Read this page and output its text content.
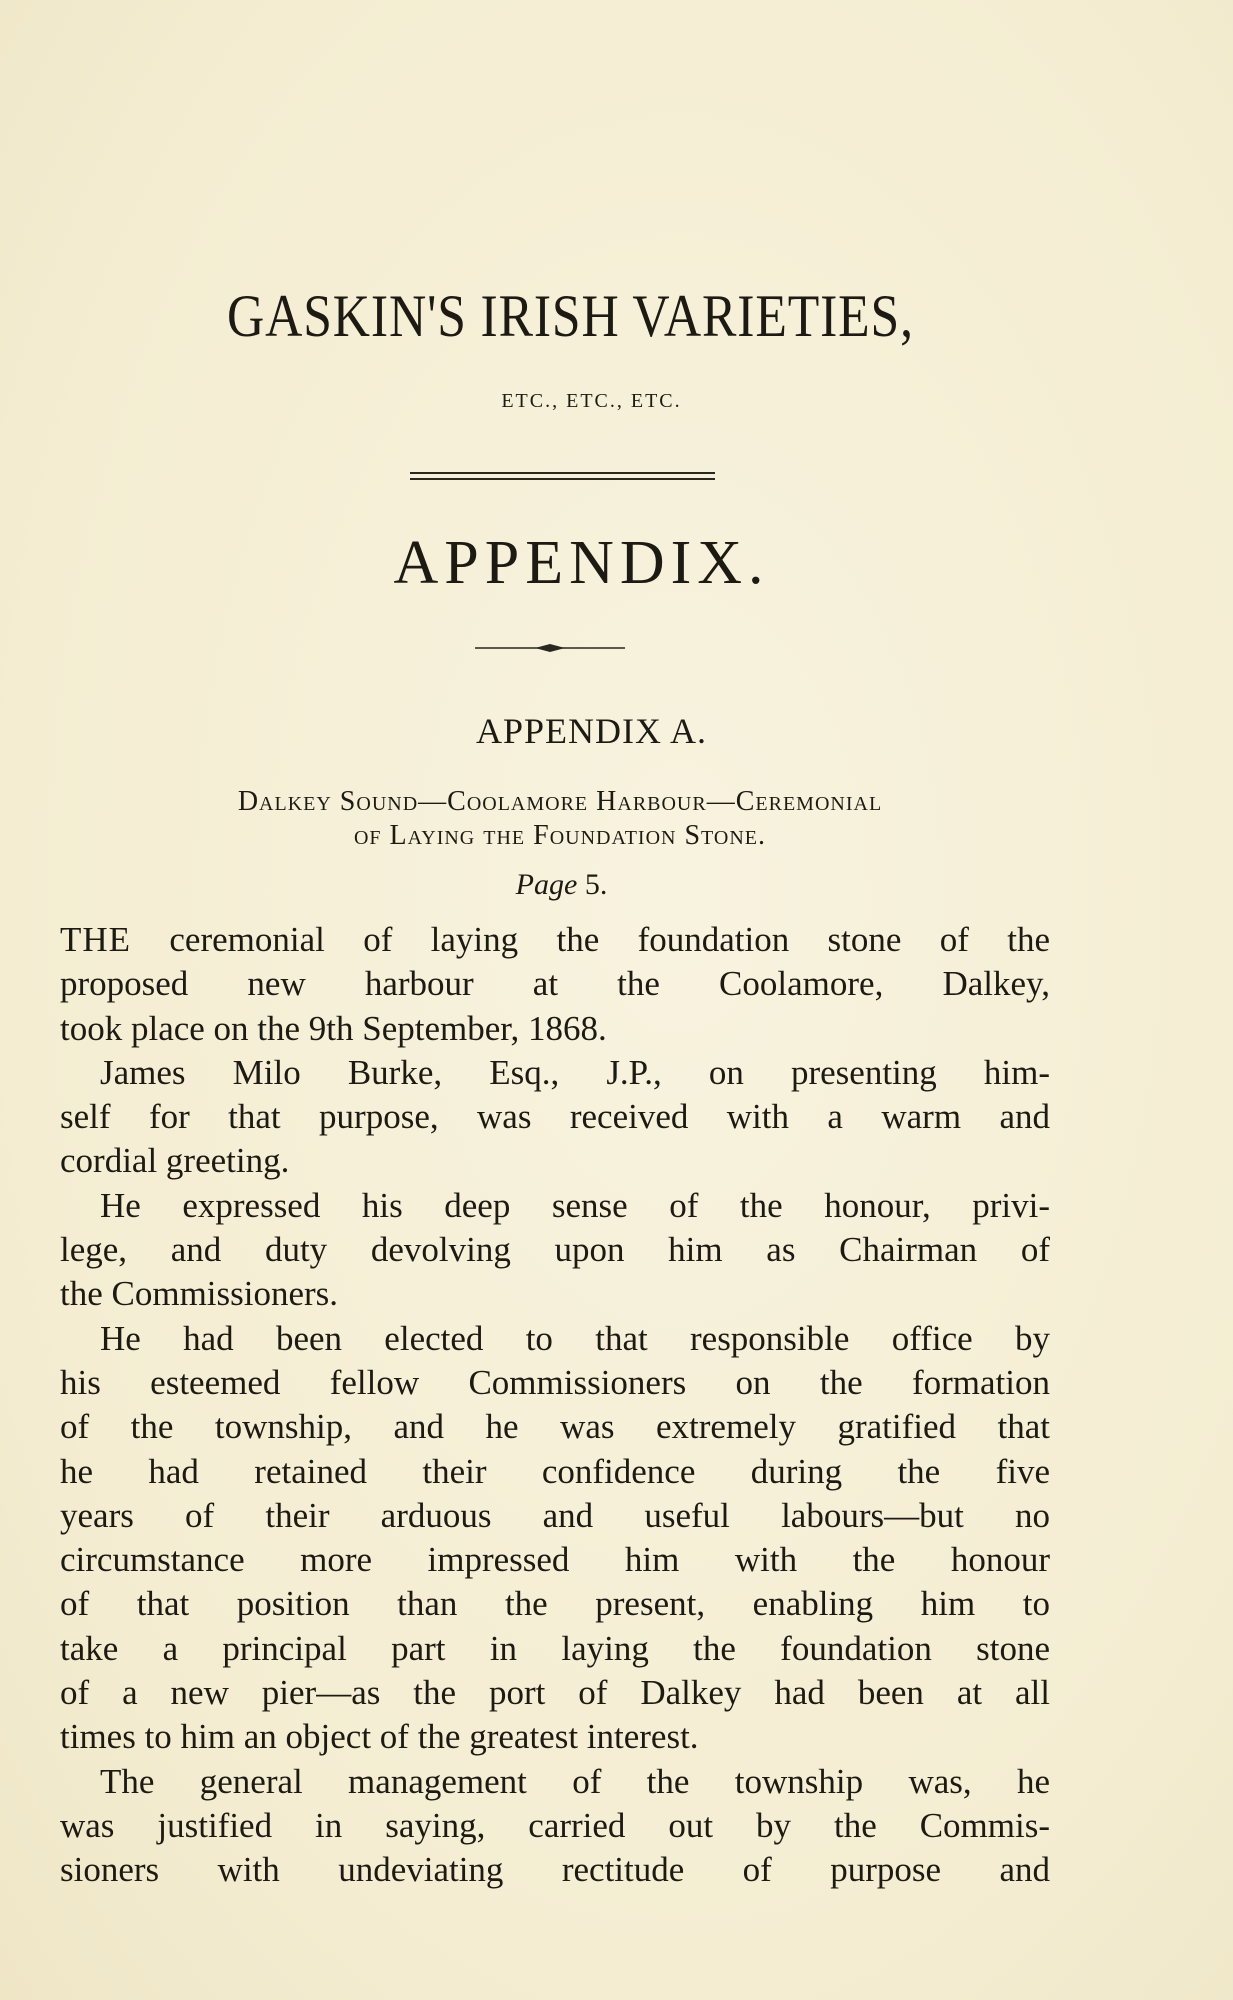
GASKIN'S IRISH VARIETIES,
ETC., ETC., ETC.
APPENDIX.
APPENDIX A.
Dalkey Sound—Coolamore Harbour—Ceremonial
of Laying the Foundation Stone.
Page 5.
THE ceremonial of laying the foundation stone of the
proposed new harbour at the Coolamore, Dalkey,
took place on the 9th September, 1868.
James Milo Burke, Esq., J.P., on presenting him-
self for that purpose, was received with a warm and
cordial greeting.
He expressed his deep sense of the honour, privi-
lege, and duty devolving upon him as Chairman of
the Commissioners.
He had been elected to that responsible office by
his esteemed fellow Commissioners on the formation
of the township, and he was extremely gratified that
he had retained their confidence during the five
years of their arduous and useful labours—but no
circumstance more impressed him with the honour
of that position than the present, enabling him to
take a principal part in laying the foundation stone
of a new pier—as the port of Dalkey had been at all
times to him an object of the greatest interest.
The general management of the township was, he
was justified in saying, carried out by the Commis-
sioners with undeviating rectitude of purpose and
